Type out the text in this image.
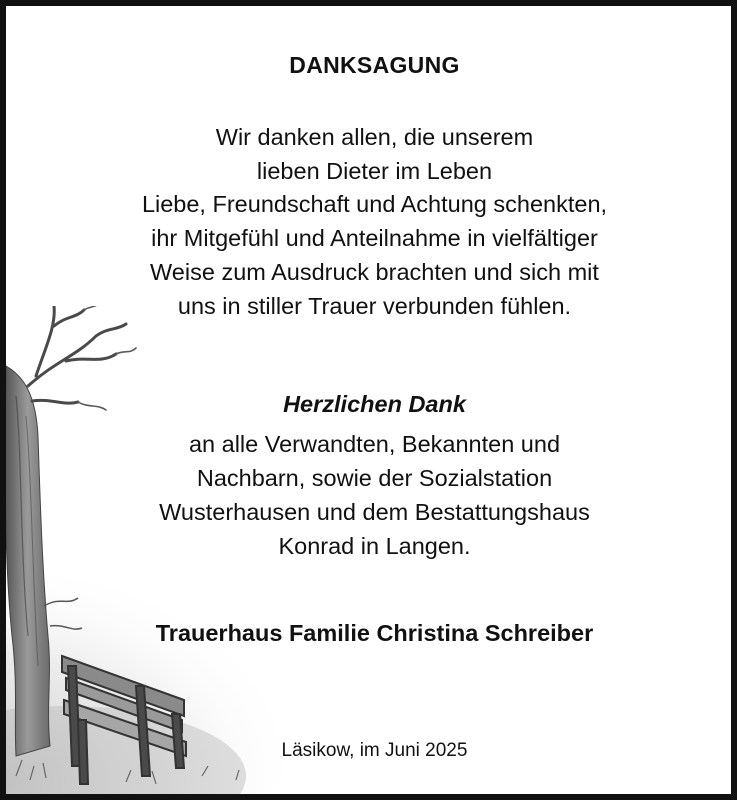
DANKSAGUNG
Wir danken allen, die unserem
lieben Dieter im Leben
Liebe, Freundschaft und Achtung schenkten,
ihr Mitgefühl und Anteilnahme in vielfältiger
Weise zum Ausdruck brachten und sich mit
uns in stiller Trauer verbunden fühlen.
Herzlichen Dank
an alle Verwandten, Bekannten und
Nachbarn, sowie der Sozialstation
Wusterhausen und dem Bestattungshaus
Konrad in Langen.
Trauerhaus Familie Christina Schreiber
Läsikow, im Juni 2025
